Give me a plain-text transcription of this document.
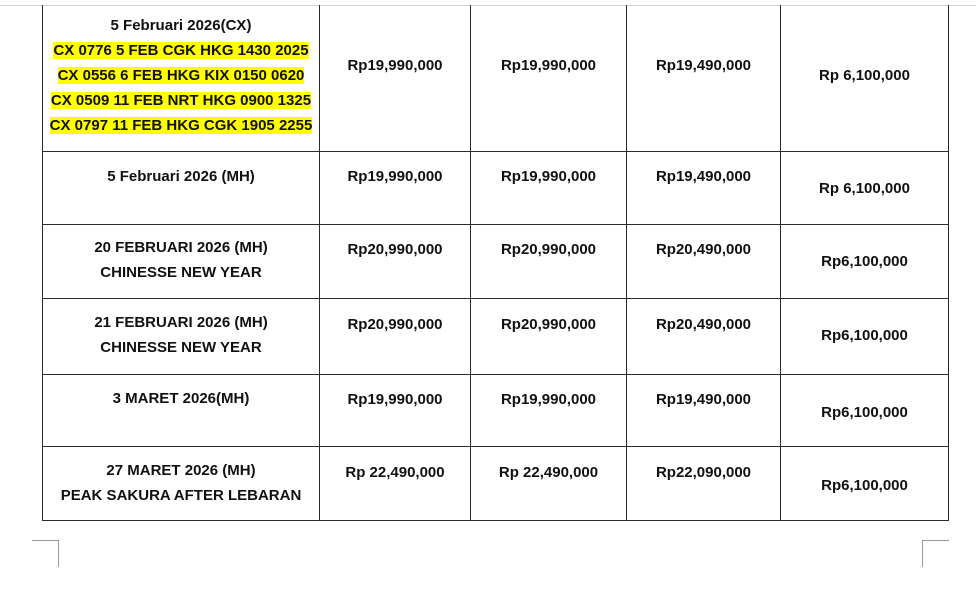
5 Februari 2026(CX)
CX 0776 5 FEB CGK HKG 1430 2025
CX 0556 6 FEB HKG KIX 0150 0620
CX 0509 11 FEB NRT HKG 0900 1325
CX 0797 11 FEB HKG CGK 1905 2255	Rp19,990,000	Rp19,990,000	Rp19,490,000	Rp 6,100,000

5 Februari 2026 (MH)	Rp19,990,000	Rp19,990,000	Rp19,490,000	Rp 6,100,000

20 FEBRUARI 2026 (MH)
CHINESSE NEW YEAR	Rp20,990,000	Rp20,990,000	Rp20,490,000	Rp6,100,000

21 FEBRUARI 2026 (MH)
CHINESSE NEW YEAR	Rp20,990,000	Rp20,990,000	Rp20,490,000	Rp6,100,000

3 MARET 2026(MH)	Rp19,990,000	Rp19,990,000	Rp19,490,000	Rp6,100,000

27 MARET 2026 (MH)
PEAK SAKURA AFTER LEBARAN	Rp 22,490,000	Rp 22,490,000	Rp22,090,000	Rp6,100,000
